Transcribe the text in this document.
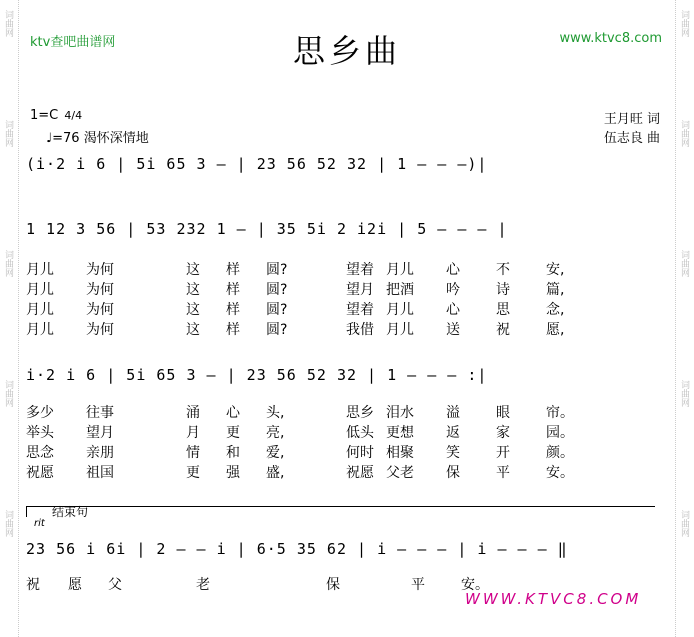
词曲网
词曲网
词曲网
词曲网
词曲网
词曲网
词曲网
词曲网
词曲网
词曲网
ktv查吧曲谱网	www.ktvc8.com
思乡曲
1=C 4/4
♩=76 渴怀深情地
王月旺 词
伍志良 曲
(i·2 i 6 | 5i 65 3 – | 23 56 52 32 | 1 – – –)|
1 12 3 56 | 53 232 1 – | 35 5i 2 i2i | 5 – – – |
月儿 为何	这 样 圆?	望着 月儿 心	不	安,
月儿 为何	这 样 圆?	望月 把酒 吟	诗	篇,
月儿 为何	这 样 圆?	望着 月儿 心	思	念,
月儿 为何	这 样 圆?	我借 月儿 送	祝	愿,
i·2 i 6 | 5i 65 3 – | 23 56 52 32 | 1 – – – :|
多少 往事	涌 心 头,	思乡 泪水 溢	眼	帘。
举头 望月	月 更 亮,	低头 更想 返	家	园。
思念 亲朋	情 和 爱,	何时 相聚 笑	开	颜。
祝愿 祖国	更 强 盛,	祝愿 父老 保	平	安。
结束句
rit
23 56 i 6i | 2 – – i | 6·5 35 62 | i – – – | i – – – ‖
祝 愿 父	老	保	平	安。
WWW.KTVC8.COM
